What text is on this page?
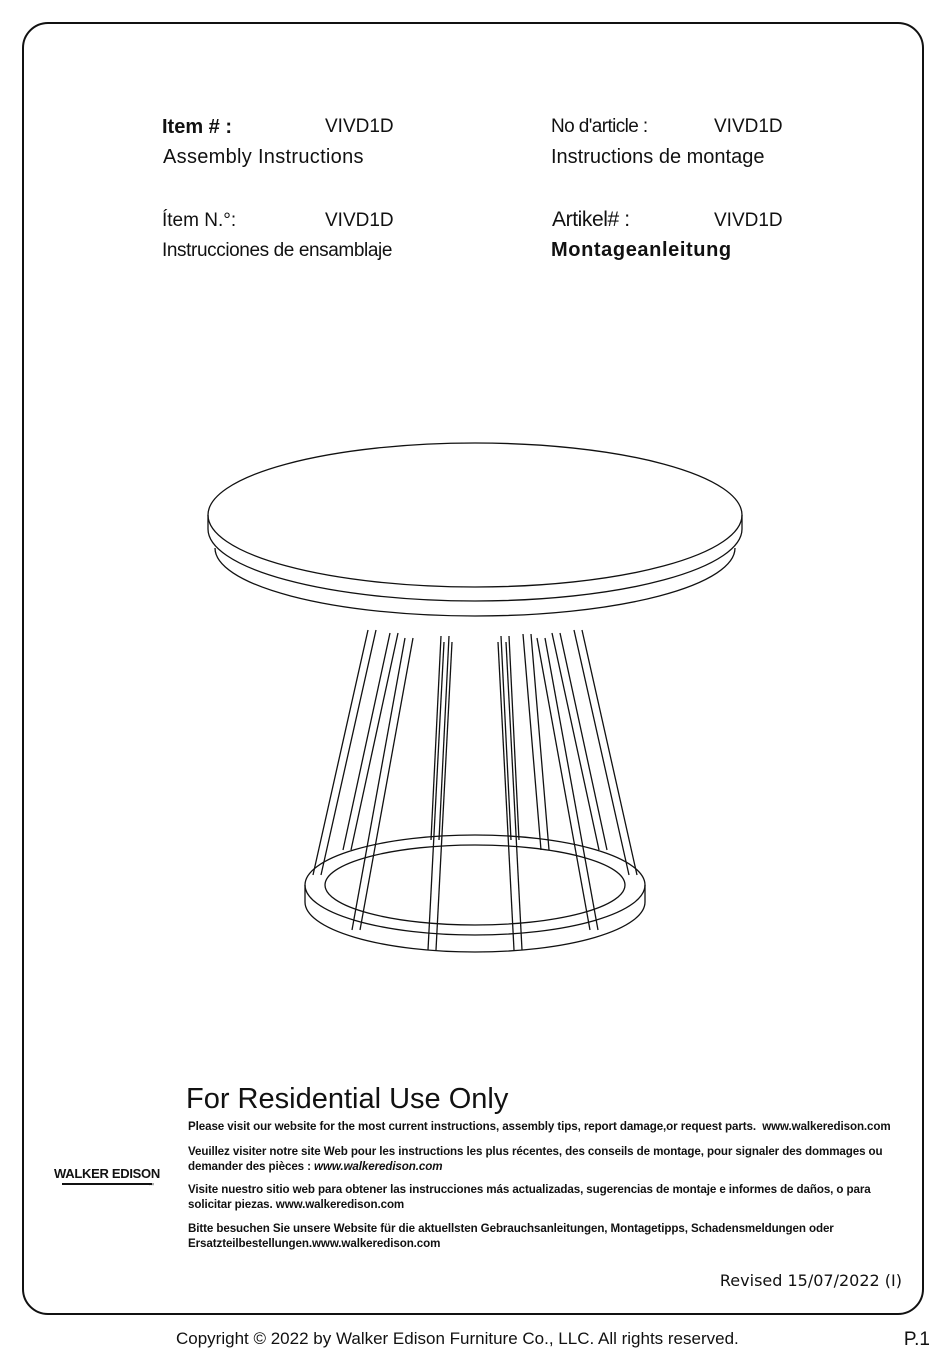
Item # :	VIVD1D
Assembly Instructions
No d'article :	VIVD1D
Instructions de montage
Ítem N.°:	VIVD1D
Instrucciones de ensamblaje
Artikel# :	VIVD1D
Montageanleitung
For Residential Use Only
Please visit our website for the most current instructions, assembly tips, report damage,or request parts. www.walkeredison.com
Veuillez visiter notre site Web pour les instructions les plus récentes, des conseils de montage, pour signaler des dommages ou demander des pièces : www.walkeredison.com
Visite nuestro sitio web para obtener las instrucciones más actualizadas, sugerencias de montaje e informes de daños, o para solicitar piezas. www.walkeredison.com
Bitte besuchen Sie unsere Website für die aktuellsten Gebrauchsanleitungen, Montagetipps, Schadensmeldungen oder Ersatzteilbestellungen.www.walkeredison.com
WALKER EDISON
™
Revised 15/07/2022 (I)
Copyright © 2022 by Walker Edison Furniture Co., LLC. All rights reserved.	P.1
